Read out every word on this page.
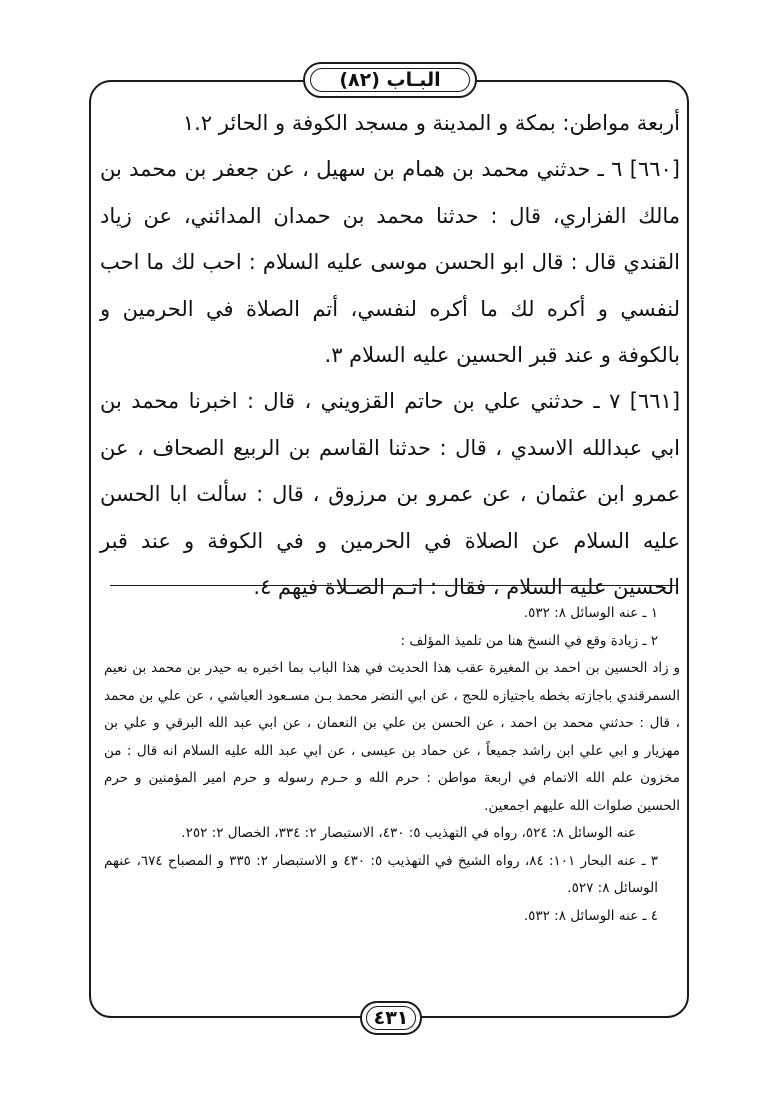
البـاب (٨٢)

أربعة مواطن: بمكة و المدينة و مسجد الكوفة و الحائر ١.٢

[٦٦٠] ٦ ـ حدثني محمد بن همام بن سهيل ، عن جعفر بن محمد بن مالك الفزاري، قال : حدثنا محمد بن حمدان المدائني، عن زياد القندي قال : قال ابو الحسن موسى عليه السلام : احب لك ما احب لنفسي و أكره لك ما أكره لنفسي، أتم الصلاة في الحرمين و بالكوفة و عند قبر الحسين عليه السلام ٣.

[٦٦١] ٧ ـ حدثني علي بن حاتم القزويني ، قال : اخبرنا محمد بن ابي عبدالله الاسدي ، قال : حدثنا القاسم بن الربيع الصحاف ، عن عمرو ابن عثمان ، عن عمرو بن مرزوق ، قال : سألت ابا الحسن عليه السلام عن الصلاة في الحرمين و في الكوفة و عند قبر الحسين عليه السلام ، فقال : اتـم الصـلاة فيهم ٤.

١ ـ عنه الوسائل ٨: ٥٣٢.

٢ ـ زيادة وقع في النسخ هنا من تلميذ المؤلف :

و زاد الحسين بن احمد بن المغيرة عقب هذا الحديث في هذا الباب بما اخبره به حيدر بن محمد بن نعيم السمرقندي باجازته بخطه باجتيازه للحج ، عن ابي النضر محمد بـن مسـعود العياشي ، عن علي بن محمد ، قال : حدثني محمد بن احمد ، عن الحسن بن علي بن النعمان ، عن ابي عبد الله البرقي و علي بن مهزيار و ابي علي ابن راشد جميعاً ، عن حماد بن عيسى ، عن ابي عبد الله عليه السلام انه قال : من مخزون علم الله الاتمام في اربعة مواطن : حرم الله و حـرم رسوله و حرم امير المؤمنين و حرم الحسين صلوات الله عليهم اجمعين.

عنه الوسائل ٨: ٥٢٤، رواه في التهذيب ٥: ٤٣٠، الاستبصار ٢: ٣٣٤، الخصال ٢: ٢٥٢.

٣ ـ عنه البحار ١٠١: ٨٤، رواه الشيخ في التهذيب ٥: ٤٣٠ و الاستبصار ٢: ٣٣٥ و المصباح ٦٧٤، عنهم الوسائل ٨: ٥٢٧.

٤ ـ عنه الوسائل ٨: ٥٣٢.

٤٣١
